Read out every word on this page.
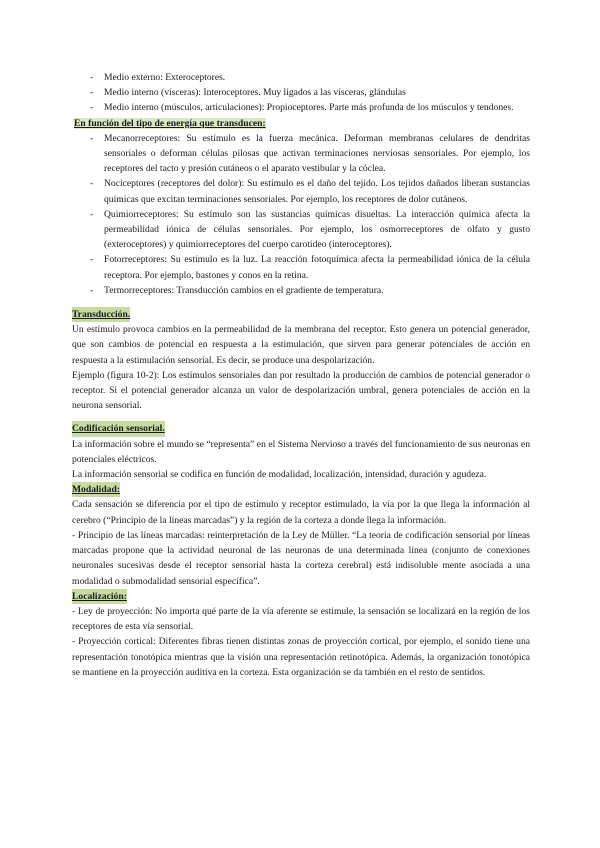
- Medio externo: Exteroceptores.
- Medio interno (vísceras): Interoceptores. Muy ligados a las vísceras, glándulas
- Medio interno (músculos, articulaciones): Propioceptores. Parte más profunda de los músculos y tendones.

En función del tipo de energía que transducen:

- Mecanorreceptores: Su estímulo es la fuerza mecánica. Deforman membranas celulares de dendritas sensoriales o deforman células pilosas que activan terminaciones nerviosas sensoriales. Por ejemplo, los receptores del tacto y presión cutáneos o el aparato vestibular y la cóclea.
- Nociceptores (receptores del dolor): Su estímulo es el daño del tejido. Los tejidos dañados liberan sustancias químicas que excitan terminaciones sensoriales. Por ejemplo, los receptores de dolor cutáneos.
- Quimiorreceptores: Su estímulo son las sustancias químicas disueltas. La interacción química afecta la permeabilidad iónica de células sensoriales. Por ejemplo, los osmorreceptores de olfato y gusto (exteroceptores) y quimiorreceptores del cuerpo carotideo (interoceptores).
- Fotorreceptores: Su estímulo es la luz. La reacción fotoquímica afecta la permeabilidad iónica de la célula receptora. Por ejemplo, bastones y conos en la retina.
- Termorreceptores: Transducción cambios en el gradiente de temperatura.

Transducción.

Un estímulo provoca cambios en la permeabilidad de la membrana del receptor. Esto genera un potencial generador, que son cambios de potencial en respuesta a la estimulación, que sirven para generar potenciales de acción en respuesta a la estimulación sensorial. Es decir, se produce una despolarización.

Ejemplo (figura 10-2): Los estímulos sensoriales dan por resultado la producción de cambios de potencial generador o receptor. Si el potencial generador alcanza un valor de despolarización umbral, genera potenciales de acción en la neurona sensorial.

Codificación sensorial.

La información sobre el mundo se “representa” en el Sistema Nervioso a través del funcionamiento de sus neuronas en potenciales eléctricos.

La información sensorial se codifica en función de modalidad, localización, intensidad, duración y agudeza.

Modalidad:

Cada sensación se diferencia por el tipo de estímulo y receptor estimulado, la vía por la que llega la información al cerebro (“Principio de la líneas marcadas”) y la región de la corteza a donde llega la información.

- Principio de las líneas marcadas: reinterpretación de la Ley de Müller. “La teoría de codificación sensorial por líneas marcadas propone que la actividad neuronal de las neuronas de una determinada línea (conjunto de conexiones neuronales sucesivas desde el receptor sensorial hasta la corteza cerebral) está indisoluble mente asociada a una modalidad o submodalidad sensorial específica”.

Localización:

- Ley de proyección: No importa qué parte de la vía aferente se estimule, la sensación se localizará en la región de los receptores de esta vía sensorial.

- Proyección cortical: Diferentes fibras tienen distintas zonas de proyección cortical, por ejemplo, el sonido tiene una representación tonotópica mientras que la visión una representación retinotópica. Además, la organización tonotópica se mantiene en la proyección auditiva en la corteza. Esta organización se da también en el resto de sentidos.
